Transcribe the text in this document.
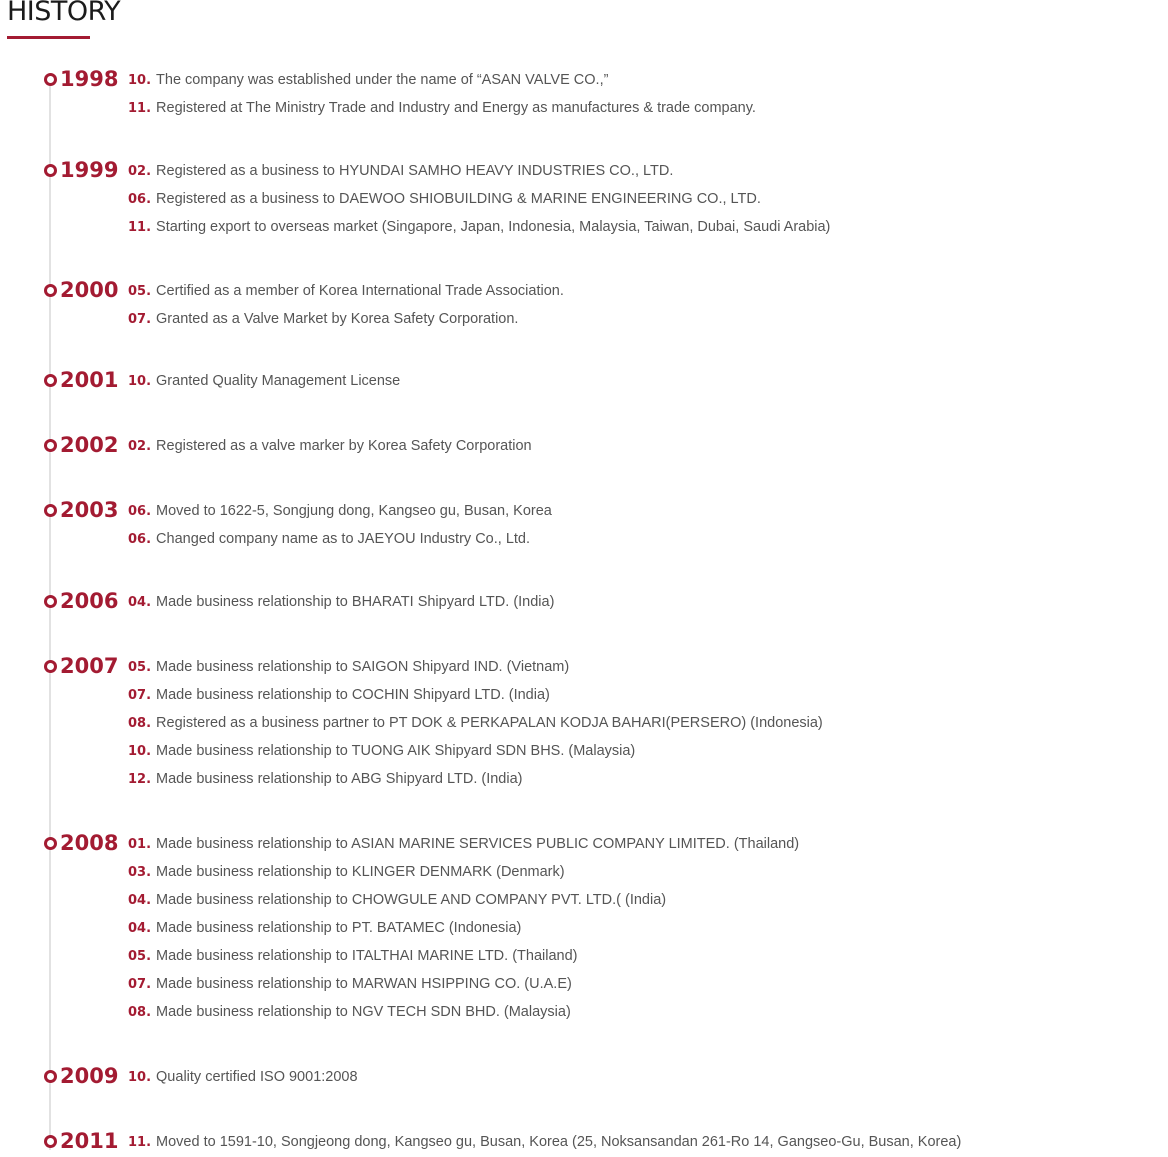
HISTORY
1998 10. The company was established under the name of “ASAN VALVE CO.,”
11. Registered at The Ministry Trade and Industry and Energy as manufactures & trade company.
1999 02. Registered as a business to HYUNDAI SAMHO HEAVY INDUSTRIES CO., LTD.
06. Registered as a business to DAEWOO SHIOBUILDING & MARINE ENGINEERING CO., LTD.
11. Starting export to overseas market (Singapore, Japan, Indonesia, Malaysia, Taiwan, Dubai, Saudi Arabia)
2000 05. Certified as a member of Korea International Trade Association.
07. Granted as a Valve Market by Korea Safety Corporation.
2001 10. Granted Quality Management License
2002 02. Registered as a valve marker by Korea Safety Corporation
2003 06. Moved to 1622-5, Songjung dong, Kangseo gu, Busan, Korea
06. Changed company name as to JAEYOU Industry Co., Ltd.
2006 04. Made business relationship to BHARATI Shipyard LTD. (India)
2007 05. Made business relationship to SAIGON Shipyard IND. (Vietnam)
07. Made business relationship to COCHIN Shipyard LTD. (India)
08. Registered as a business partner to PT DOK & PERKAPALAN KODJA BAHARI(PERSERO) (Indonesia)
10. Made business relationship to TUONG AIK Shipyard SDN BHS. (Malaysia)
12. Made business relationship to ABG Shipyard LTD. (India)
2008 01. Made business relationship to ASIAN MARINE SERVICES PUBLIC COMPANY LIMITED. (Thailand)
03. Made business relationship to KLINGER DENMARK (Denmark)
04. Made business relationship to CHOWGULE AND COMPANY PVT. LTD.( (India)
04. Made business relationship to PT. BATAMEC (Indonesia)
05. Made business relationship to ITALTHAI MARINE LTD. (Thailand)
07. Made business relationship to MARWAN HSIPPING CO. (U.A.E)
08. Made business relationship to NGV TECH SDN BHD. (Malaysia)
2009 10. Quality certified ISO 9001:2008
2011 11. Moved to 1591-10, Songjeong dong, Kangseo gu, Busan, Korea (25, Noksansandan 261-Ro 14, Gangseo-Gu, Busan, Korea)
